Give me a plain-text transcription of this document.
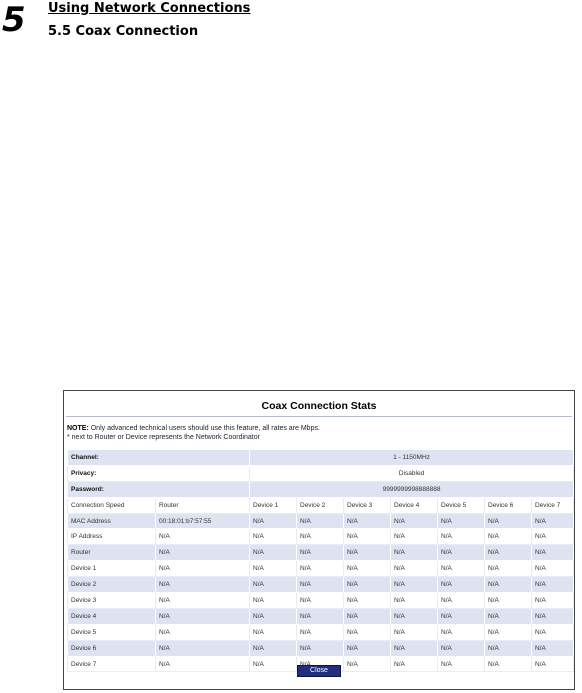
5 Using Network Connections
5.5 Coax Connection
Coax Connection Stats
NOTE: Only advanced technical users should use this feature, all rates are Mbps.
* next to Router or Device represents the Network Coordinator
Channel:		1 - 1150MHz						
Privacy:		Disabled						
Password:		9999999998888888						
Connection Speed	Router	Device 1	Device 2	Device 3	Device 4	Device 5	Device 6	Device 7
MAC Address	00:18:01:b7:57:55	N/A	N/A	N/A	N/A	N/A	N/A	N/A
IP Address	N/A	N/A	N/A	N/A	N/A	N/A	N/A	N/A
Router	N/A	N/A	N/A	N/A	N/A	N/A	N/A	N/A
Device 1	N/A	N/A	N/A	N/A	N/A	N/A	N/A	N/A
Device 2	N/A	N/A	N/A	N/A	N/A	N/A	N/A	N/A
Device 3	N/A	N/A	N/A	N/A	N/A	N/A	N/A	N/A
Device 4	N/A	N/A	N/A	N/A	N/A	N/A	N/A	N/A
Device 5	N/A	N/A	N/A	N/A	N/A	N/A	N/A	N/A
Device 6	N/A	N/A	N/A	N/A	N/A	N/A	N/A	N/A
Device 7	N/A	N/A		N/A	N/A	N/A	N/A	N/A
Close
